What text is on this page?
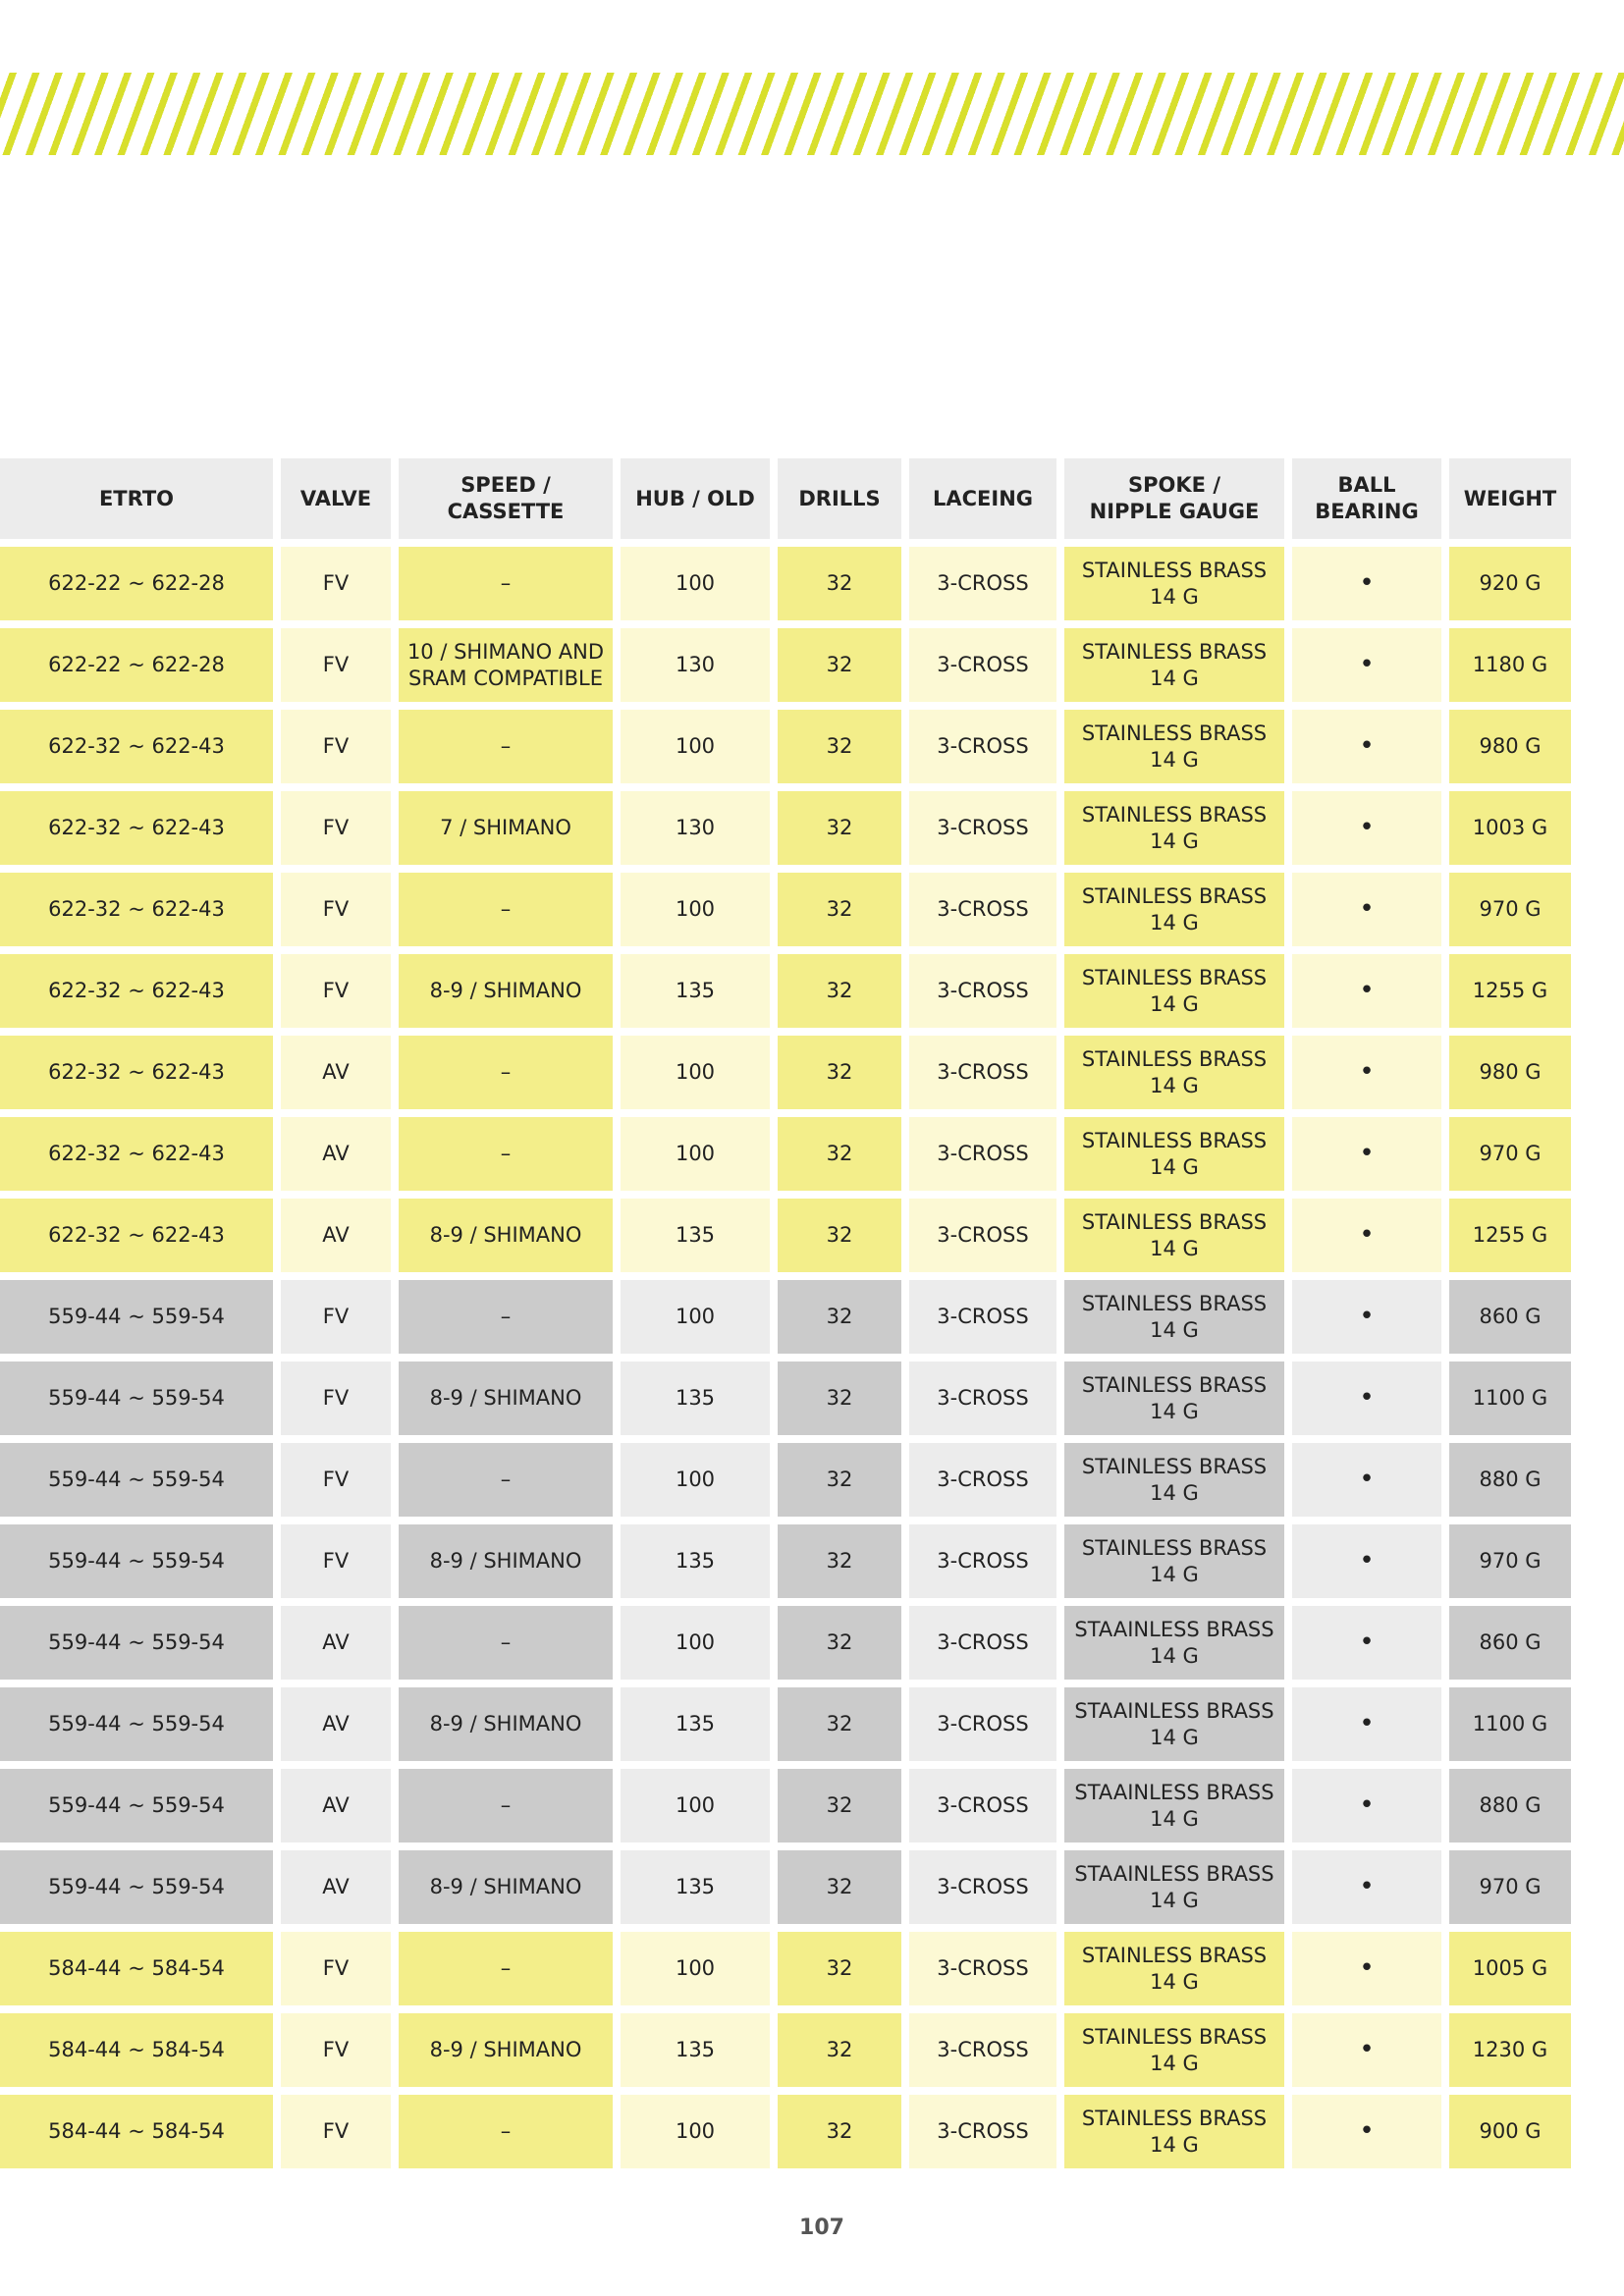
ETRTO	VALVE	SPEED /
CASSETTE	HUB / OLD	DRILLS	LACEING	SPOKE /
NIPPLE GAUGE	BALL
BEARING	WEIGHT
622-22 ~ 622-28	FV	–	100	32	3-CROSS	STAINLESS BRASS
14 G	•	920 G
622-22 ~ 622-28	FV	10 / SHIMANO AND
SRAM COMPATIBLE	130	32	3-CROSS	STAINLESS BRASS
14 G	•	1180 G
622-32 ~ 622-43	FV	–	100	32	3-CROSS	STAINLESS BRASS
14 G	•	980 G
622-32 ~ 622-43	FV	7 / SHIMANO	130	32	3-CROSS	STAINLESS BRASS
14 G	•	1003 G
622-32 ~ 622-43	FV	–	100	32	3-CROSS	STAINLESS BRASS
14 G	•	970 G
622-32 ~ 622-43	FV	8-9 / SHIMANO	135	32	3-CROSS	STAINLESS BRASS
14 G	•	1255 G
622-32 ~ 622-43	AV	–	100	32	3-CROSS	STAINLESS BRASS
14 G	•	980 G
622-32 ~ 622-43	AV	–	100	32	3-CROSS	STAINLESS BRASS
14 G	•	970 G
622-32 ~ 622-43	AV	8-9 / SHIMANO	135	32	3-CROSS	STAINLESS BRASS
14 G	•	1255 G
559-44 ~ 559-54	FV	–	100	32	3-CROSS	STAINLESS BRASS
14 G	•	860 G
559-44 ~ 559-54	FV	8-9 / SHIMANO	135	32	3-CROSS	STAINLESS BRASS
14 G	•	1100 G
559-44 ~ 559-54	FV	–	100	32	3-CROSS	STAINLESS BRASS
14 G	•	880 G
559-44 ~ 559-54	FV	8-9 / SHIMANO	135	32	3-CROSS	STAINLESS BRASS
14 G	•	970 G
559-44 ~ 559-54	AV	–	100	32	3-CROSS	STAAINLESS BRASS
14 G	•	860 G
559-44 ~ 559-54	AV	8-9 / SHIMANO	135	32	3-CROSS	STAAINLESS BRASS
14 G	•	1100 G
559-44 ~ 559-54	AV	–	100	32	3-CROSS	STAAINLESS BRASS
14 G	•	880 G
559-44 ~ 559-54	AV	8-9 / SHIMANO	135	32	3-CROSS	STAAINLESS BRASS
14 G	•	970 G
584-44 ~ 584-54	FV	–	100	32	3-CROSS	STAINLESS BRASS
14 G	•	1005 G
584-44 ~ 584-54	FV	8-9 / SHIMANO	135	32	3-CROSS	STAINLESS BRASS
14 G	•	1230 G
584-44 ~ 584-54	FV	–	100	32	3-CROSS	STAINLESS BRASS
14 G	•	900 G
107
